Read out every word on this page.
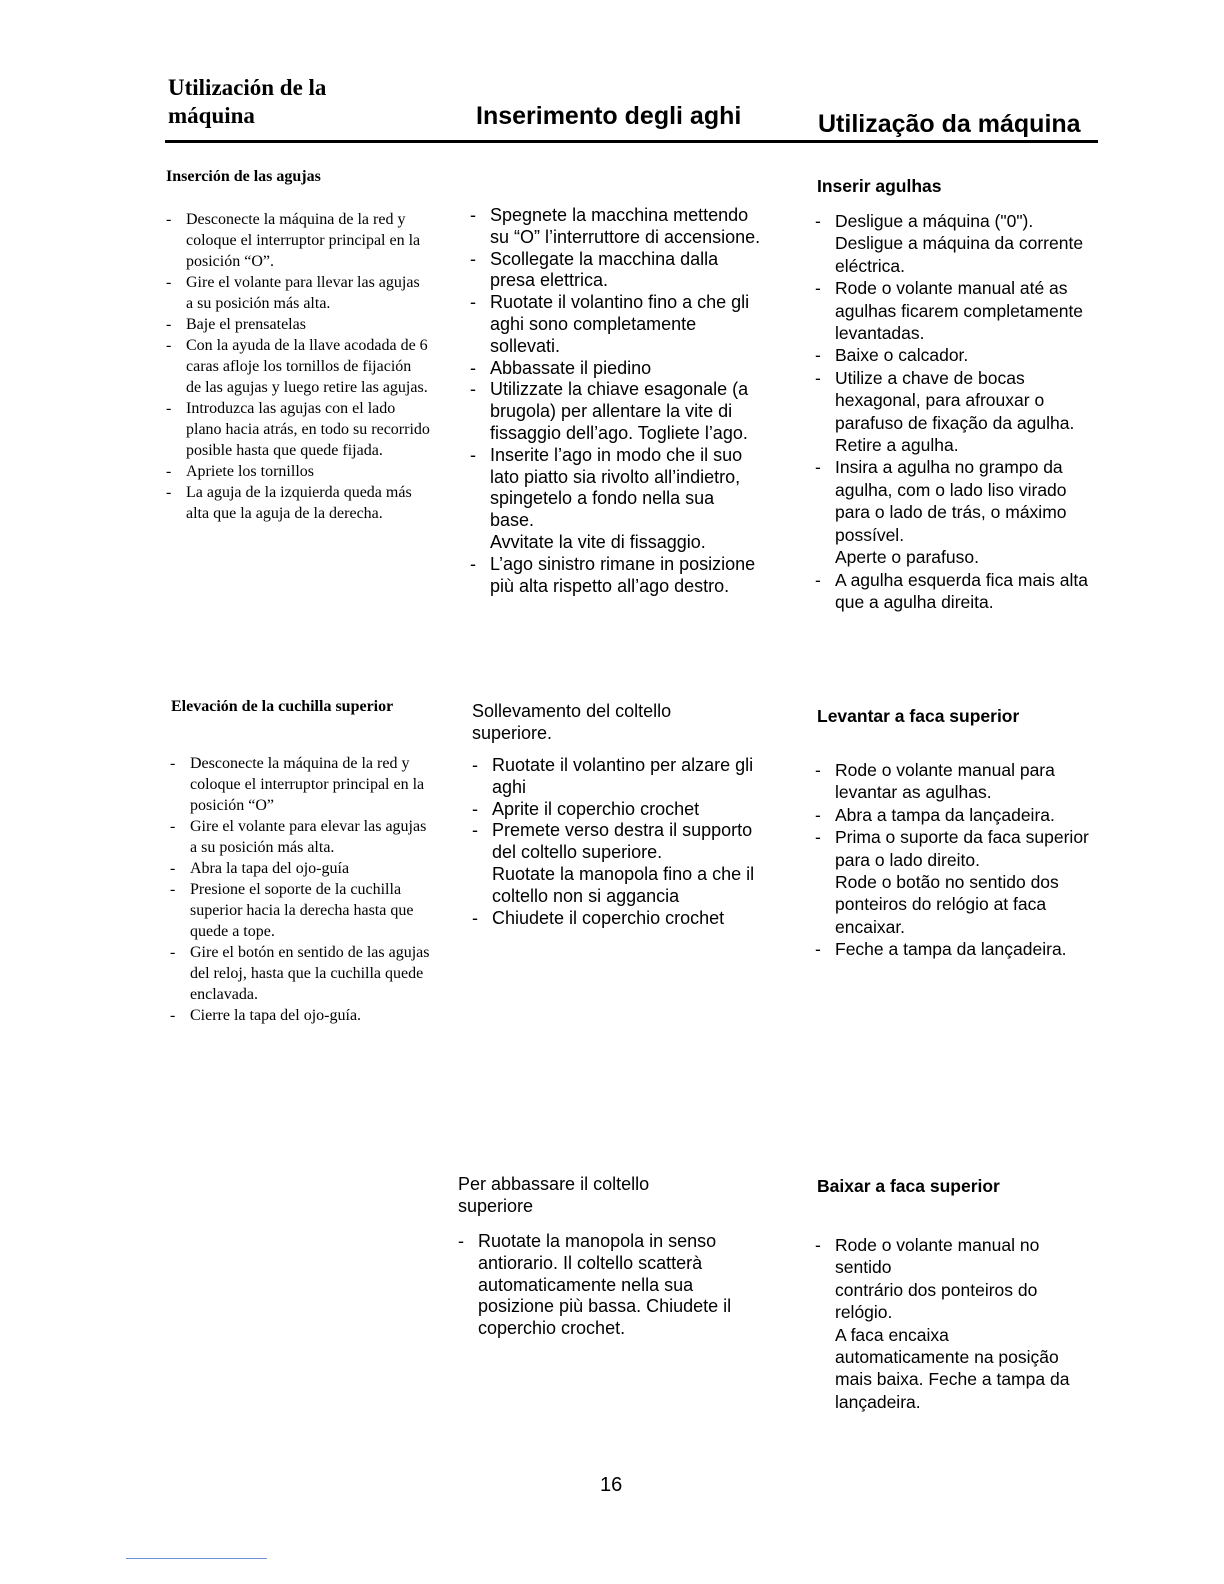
Utilización de la máquina	Inserimento degli aghi	Utilização da máquina
Inserción de las agujas
- Desconecte la máquina de la red y coloque el interruptor principal en la posición “O”.
- Gire el volante para llevar las agujas a su posición más alta.
- Baje el prensatelas
- Con la ayuda de la llave acodada de 6 caras afloje los tornillos de fijación de las agujas y luego retire las agujas.
- Introduzca las agujas con el lado plano hacia atrás, en todo su recorrido posible hasta que quede fijada.
- Apriete los tornillos
- La aguja de la izquierda queda más alta que la aguja de la derecha.
Elevación de la cuchilla superior
- Desconecte la máquina de la red y coloque el interruptor principal en la posición “O”
- Gire el volante para elevar las agujas a su posición más alta.
- Abra la tapa del ojo-guía
- Presione el soporte de la cuchilla superior hacia la derecha hasta que quede a tope.
- Gire el botón en sentido de las agujas del reloj, hasta que la cuchilla quede enclavada.
- Cierre la tapa del ojo-guía.
- Spegnete la macchina mettendo su “O” l’interruttore di accensione.
- Scollegate la macchina dalla presa elettrica.
- Ruotate il volantino fino a che gli aghi sono completamente sollevati.
- Abbassate il piedino
- Utilizzate la chiave esagonale (a brugola) per allentare la vite di fissaggio dell’ago. Togliete l’ago.
- Inserite l’ago in modo che il suo lato piatto sia rivolto all’indietro, spingetelo a fondo nella sua base.
Avvitate la vite di fissaggio.
- L’ago sinistro rimane in posizione più alta rispetto all’ago destro.
Sollevamento del coltello superiore.
- Ruotate il volantino per alzare gli aghi
- Aprite il coperchio crochet
- Premete verso destra il supporto del coltello superiore.
Ruotate la manopola fino a che il coltello non si aggancia
- Chiudete il coperchio crochet
Per abbassare il coltello superiore
- Ruotate la manopola in senso antiorario. Il coltello scatterà automaticamente nella sua posizione più bassa. Chiudete il coperchio crochet.
Inserir agulhas
- Desligue a máquina ("0").
Desligue a máquina da corrente eléctrica.
- Rode o volante manual até as agulhas ficarem completamente levantadas.
- Baixe o calcador.
- Utilize a chave de bocas hexagonal, para afrouxar o parafuso de fixação da agulha.
Retire a agulha.
- Insira a agulha no grampo da agulha, com o lado liso virado para o lado de trás, o máximo possível.
Aperte o parafuso.
- A agulha esquerda fica mais alta que a agulha direita.
Levantar a faca superior
- Rode o volante manual para levantar as agulhas.
- Abra a tampa da lançadeira.
- Prima o suporte da faca superior para o lado direito.
Rode o botão no sentido dos ponteiros do relógio at faca encaixar.
- Feche a tampa da lançadeira.
Baixar a faca superior
- Rode o volante manual no sentido
contrário dos ponteiros do relógio.
A faca encaixa automaticamente na posição mais baixa. Feche a tampa da lançadeira.
16
